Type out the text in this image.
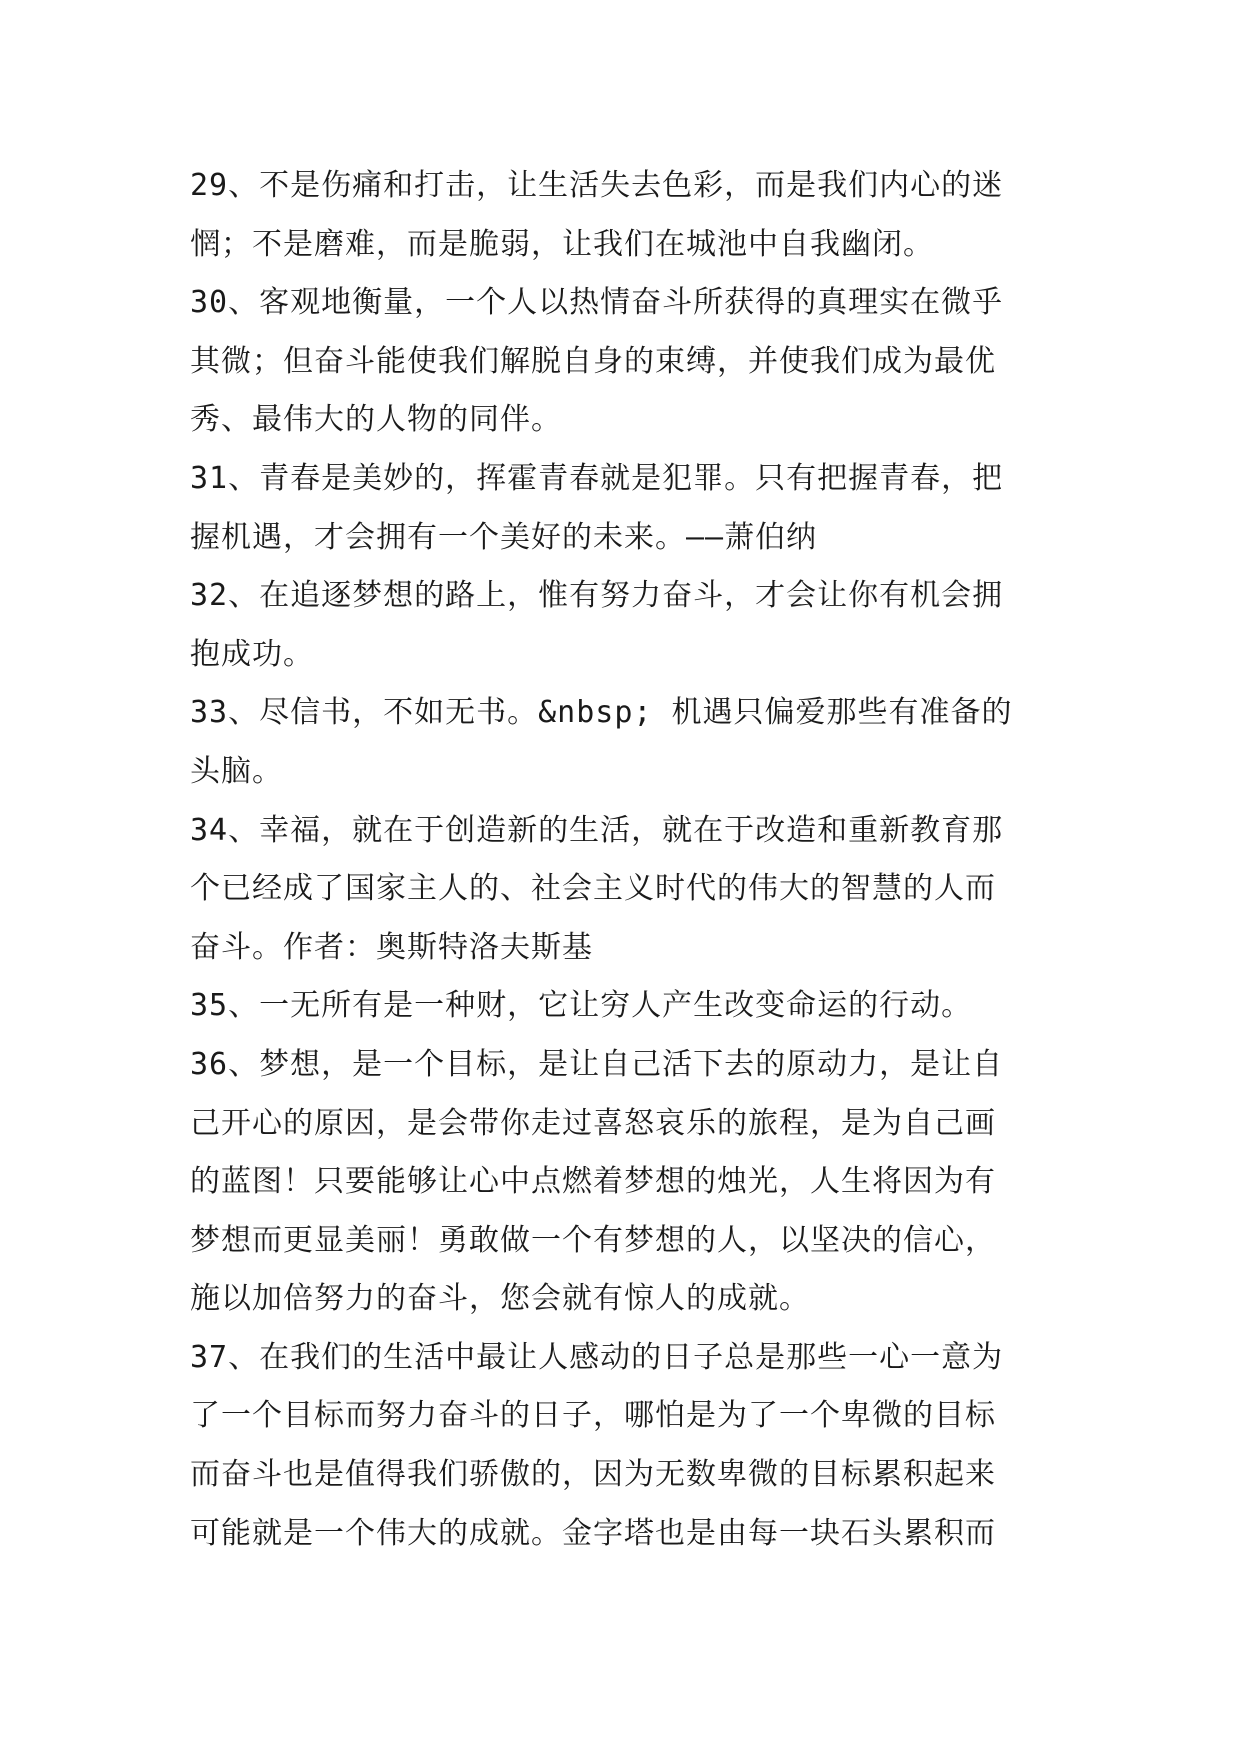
29、不是伤痛和打击，让生活失去色彩，而是我们内心的迷
惘；不是磨难，而是脆弱，让我们在城池中自我幽闭。

30、客观地衡量，一个人以热情奋斗所获得的真理实在微乎
其微；但奋斗能使我们解脱自身的束缚，并使我们成为最优
秀、最伟大的人物的同伴。

31、青春是美妙的，挥霍青春就是犯罪。只有把握青春，把
握机遇，才会拥有一个美好的未来。——萧伯纳

32、在追逐梦想的路上，惟有努力奋斗，才会让你有机会拥
抱成功。

33、尽信书，不如无书。&nbsp; 机遇只偏爱那些有准备的
头脑。

34、幸福，就在于创造新的生活，就在于改造和重新教育那
个已经成了国家主人的、社会主义时代的伟大的智慧的人而
奋斗。作者：奥斯特洛夫斯基

35、一无所有是一种财，它让穷人产生改变命运的行动。

36、梦想，是一个目标，是让自己活下去的原动力，是让自
己开心的原因，是会带你走过喜怒哀乐的旅程，是为自己画
的蓝图！只要能够让心中点燃着梦想的烛光，人生将因为有
梦想而更显美丽！勇敢做一个有梦想的人，以坚决的信心，
施以加倍努力的奋斗，您会就有惊人的成就。

37、在我们的生活中最让人感动的日子总是那些一心一意为
了一个目标而努力奋斗的日子，哪怕是为了一个卑微的目标
而奋斗也是值得我们骄傲的，因为无数卑微的目标累积起来
可能就是一个伟大的成就。金字塔也是由每一块石头累积而
